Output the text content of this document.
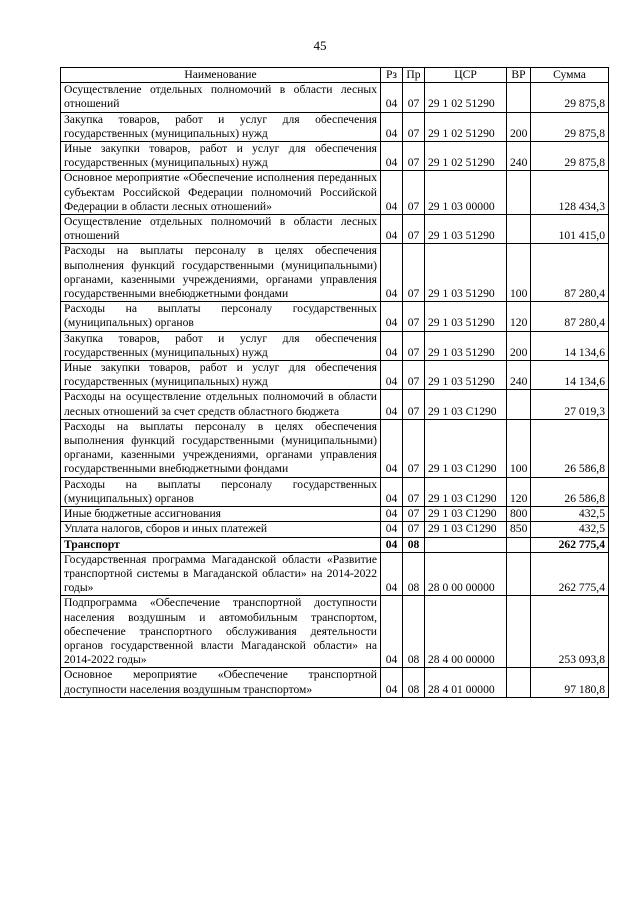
45
Наименование	Рз	Пр	ЦСР	ВР	Сумма
Осуществление отдельных полномочий в области лесных отношений	04	07	29 1 02 51290		29 875,8
Закупка товаров, работ и услуг для обеспечения государственных (муниципальных) нужд	04	07	29 1 02 51290	200	29 875,8
Иные закупки товаров, работ и услуг для обеспечения государственных (муниципальных) нужд	04	07	29 1 02 51290	240	29 875,8
Основное мероприятие «Обеспечение исполнения переданных субъектам Российской Федерации полномочий Российской Федерации в области лесных отношений»	04	07	29 1 03 00000		128 434,3
Осуществление отдельных полномочий в области лесных отношений	04	07	29 1 03 51290		101 415,0
Расходы на выплаты персоналу в целях обеспечения выполнения функций государственными (муниципальными) органами, казенными учреждениями, органами управления государственными внебюджетными фондами	04	07	29 1 03 51290	100	87 280,4
Расходы на выплаты персоналу государственных (муниципальных) органов	04	07	29 1 03 51290	120	87 280,4
Закупка товаров, работ и услуг для обеспечения государственных (муниципальных) нужд	04	07	29 1 03 51290	200	14 134,6
Иные закупки товаров, работ и услуг для обеспечения государственных (муниципальных) нужд	04	07	29 1 03 51290	240	14 134,6
Расходы на осуществление отдельных полномочий в области лесных отношений за счет средств областного бюджета	04	07	29 1 03 С1290		27 019,3
Расходы на выплаты персоналу в целях обеспечения выполнения функций государственными (муниципальными) органами, казенными учреждениями, органами управления государственными внебюджетными фондами	04	07	29 1 03 С1290	100	26 586,8
Расходы на выплаты персоналу государственных (муниципальных) органов	04	07	29 1 03 С1290	120	26 586,8
Иные бюджетные ассигнования	04	07	29 1 03 С1290	800	432,5
Уплата налогов, сборов и иных платежей	04	07	29 1 03 С1290	850	432,5
Транспорт	04	08			262 775,4
Государственная программа Магаданской области «Развитие транспортной системы в Магаданской области» на 2014-2022 годы»	04	08	28 0 00 00000		262 775,4
Подпрограмма «Обеспечение транспортной доступности населения воздушным и автомобильным транспортом, обеспечение транспортного обслуживания деятельности органов государственной власти Магаданской области» на 2014-2022 годы»	04	08	28 4 00 00000		253 093,8
Основное мероприятие «Обеспечение транспортной доступности населения воздушным транспортом»	04	08	28 4 01 00000		97 180,8
